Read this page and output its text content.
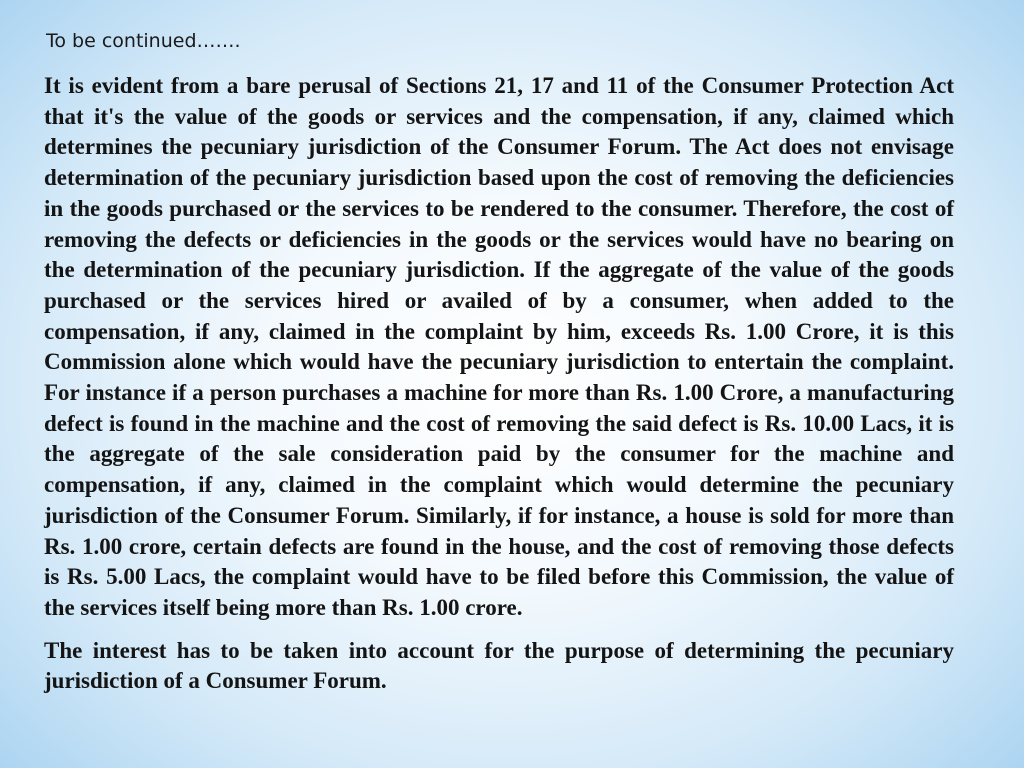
To be continued…….

It is evident from a bare perusal of Sections 21, 17 and 11 of the Consumer Protection Act that it's the value of the goods or services and the compensation, if any, claimed which determines the pecuniary jurisdiction of the Consumer Forum. The Act does not envisage determination of the pecuniary jurisdiction based upon the cost of removing the deficiencies in the goods purchased or the services to be rendered to the consumer. Therefore, the cost of removing the defects or deficiencies in the goods or the services would have no bearing on the determination of the pecuniary jurisdiction. If the aggregate of the value of the goods purchased or the services hired or availed of by a consumer, when added to the compensation, if any, claimed in the complaint by him, exceeds Rs. 1.00 Crore, it is this Commission alone which would have the pecuniary jurisdiction to entertain the complaint. For instance if a person purchases a machine for more than Rs. 1.00 Crore, a manufacturing defect is found in the machine and the cost of removing the said defect is Rs. 10.00 Lacs, it is the aggregate of the sale consideration paid by the consumer for the machine and compensation, if any, claimed in the complaint which would determine the pecuniary jurisdiction of the Consumer Forum. Similarly, if for instance, a house is sold for more than Rs. 1.00 crore, certain defects are found in the house, and the cost of removing those defects is Rs. 5.00 Lacs, the complaint would have to be filed before this Commission, the value of the services itself being more than Rs. 1.00 crore.

The interest has to be taken into account for the purpose of determining the pecuniary jurisdiction of a Consumer Forum.
